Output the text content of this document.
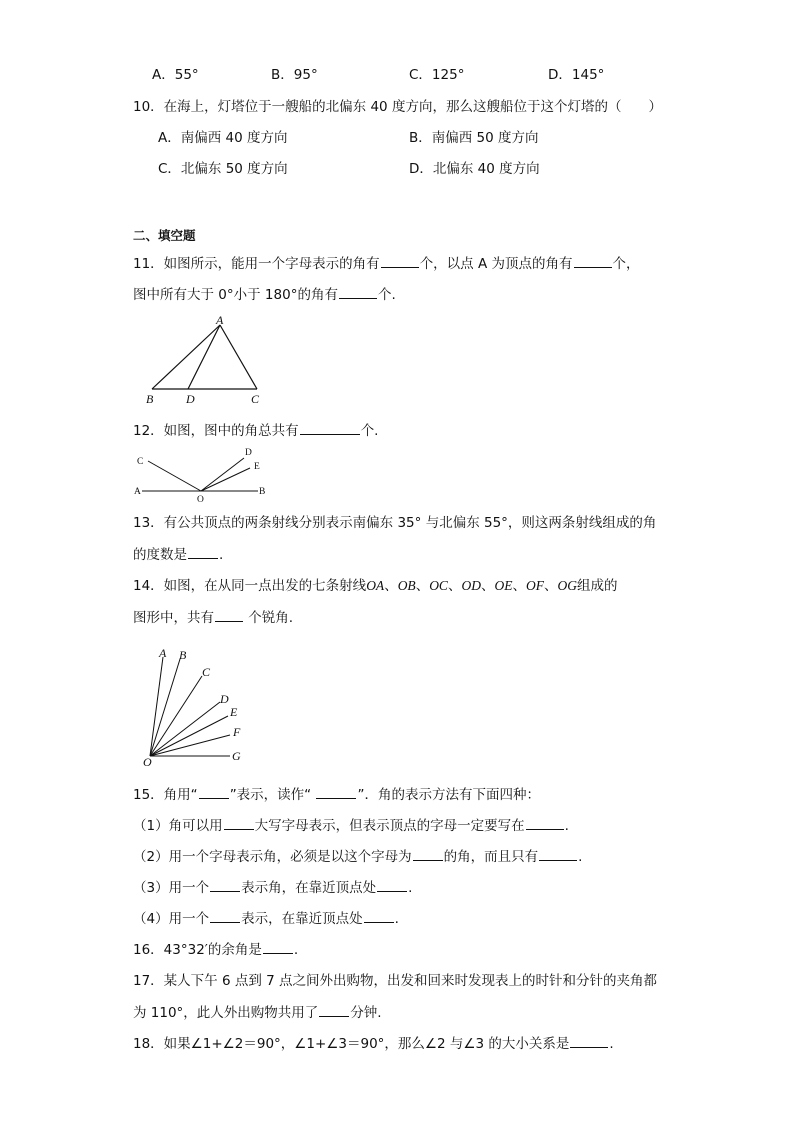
A．55°	B．95°	C．125°	D．145°
10．在海上，灯塔位于一艘船的北偏东 40 度方向，那么这艘船位于这个灯塔的（　　）
A．南偏西 40 度方向	B．南偏西 50 度方向
C．北偏东 50 度方向	D．北偏东 40 度方向
二、填空题
11．如图所示，能用一个字母表示的角有	个，以点 A 为顶点的角有	个，
图中所有大于 0°小于 180°的角有	个.
A
B	D	C
12．如图，图中的角总共有	个.
A	B
C
D
E
O
13．有公共顶点的两条射线分别表示南偏东 35° 与北偏东 55°，则这两条射线组成的角
的度数是 .
14．如图，在从同一点出发的七条射线OA、OB、OC、OD、OE、OF、OG组成的
图形中，共有 个锐角.
A B
C
D
E
F
G
O
15．角用“ ”表示，读作“	”．角的表示方法有下面四种：
（1）角可以用 大写字母表示，但表示顶点的字母一定要写在	.
（2）用一个字母表示角，必须是以这个字母为 的角，而且只有	.
（3）用一个 表示角，在靠近顶点处 .
（4）用一个 表示，在靠近顶点处 .
16．43°32′的余角是 .
17．某人下午 6 点到 7 点之间外出购物，出发和回来时发现表上的时针和分针的夹角都
为 110°，此人外出购物共用了 分钟.
18．如果∠1+∠2＝90°，∠1+∠3＝90°，那么∠2 与∠3 的大小关系是	.
